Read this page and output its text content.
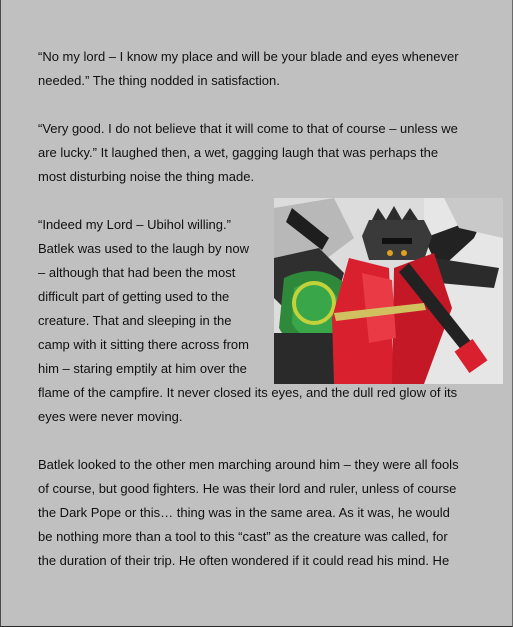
“No my lord – I know my place and will be your blade and eyes whenever
needed.” The thing nodded in satisfaction.
“Very good. I do not believe that it will come to that of course – unless we
are lucky.” It laughed then, a wet, gagging laugh that was perhaps the
most disturbing noise the thing made.
“Indeed my Lord – Ubihol willing.”
Batlek was used to the laugh by now
– although that had been the most
difficult part of getting used to the
creature. That and sleeping in the
camp with it sitting there across from
him – staring emptily at him over the
flame of the campfire. It never closed its eyes, and the dull red glow of its
eyes were never moving.
Batlek looked to the other men marching around him – they were all fools
of course, but good fighters. He was their lord and ruler, unless of course
the Dark Pope or this… thing was in the same area. As it was, he would
be nothing more than a tool to this “cast” as the creature was called, for
the duration of their trip. He often wondered if it could read his mind. He
